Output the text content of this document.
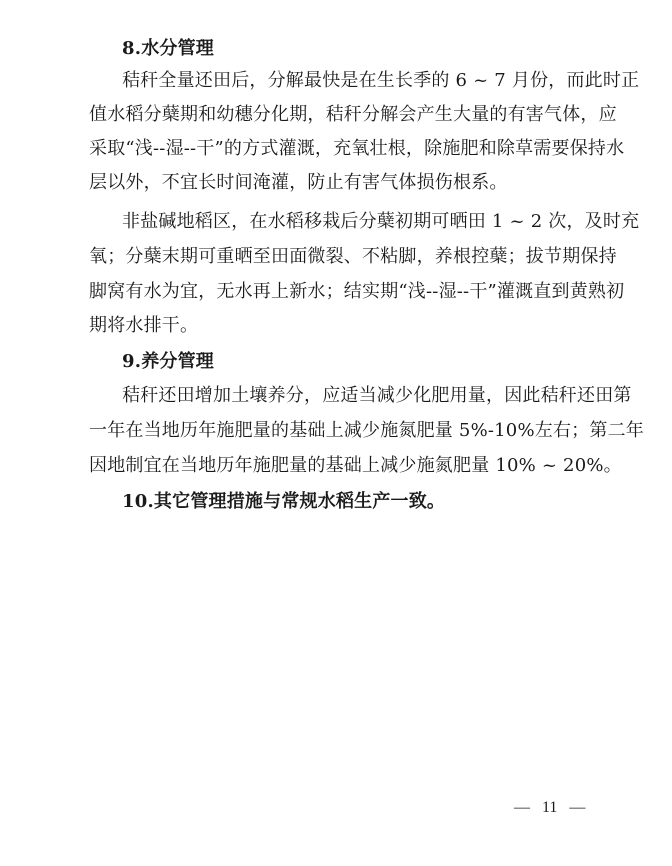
8.水分管理
秸秆全量还田后，分解最快是在生长季的 6 ~ 7 月份，而此时正
值水稻分蘖期和幼穗分化期，秸秆分解会产生大量的有害气体，应
采取“浅--湿--干”的方式灌溉，充氧壮根，除施肥和除草需要保持水
层以外，不宜长时间淹灌，防止有害气体损伤根系。
非盐碱地稻区，在水稻移栽后分蘖初期可晒田 1 ~ 2 次，及时充
氧；分蘖末期可重晒至田面微裂、不粘脚，养根控蘖；拔节期保持
脚窝有水为宜，无水再上新水；结实期“浅--湿--干”灌溉直到黄熟初
期将水排干。
9.养分管理
秸秆还田增加土壤养分，应适当减少化肥用量，因此秸秆还田第
一年在当地历年施肥量的基础上减少施氮肥量 5%-10%左右；第二年
因地制宜在当地历年施肥量的基础上减少施氮肥量 10% ~ 20%。
10.其它管理措施与常规水稻生产一致。
— 11 —
